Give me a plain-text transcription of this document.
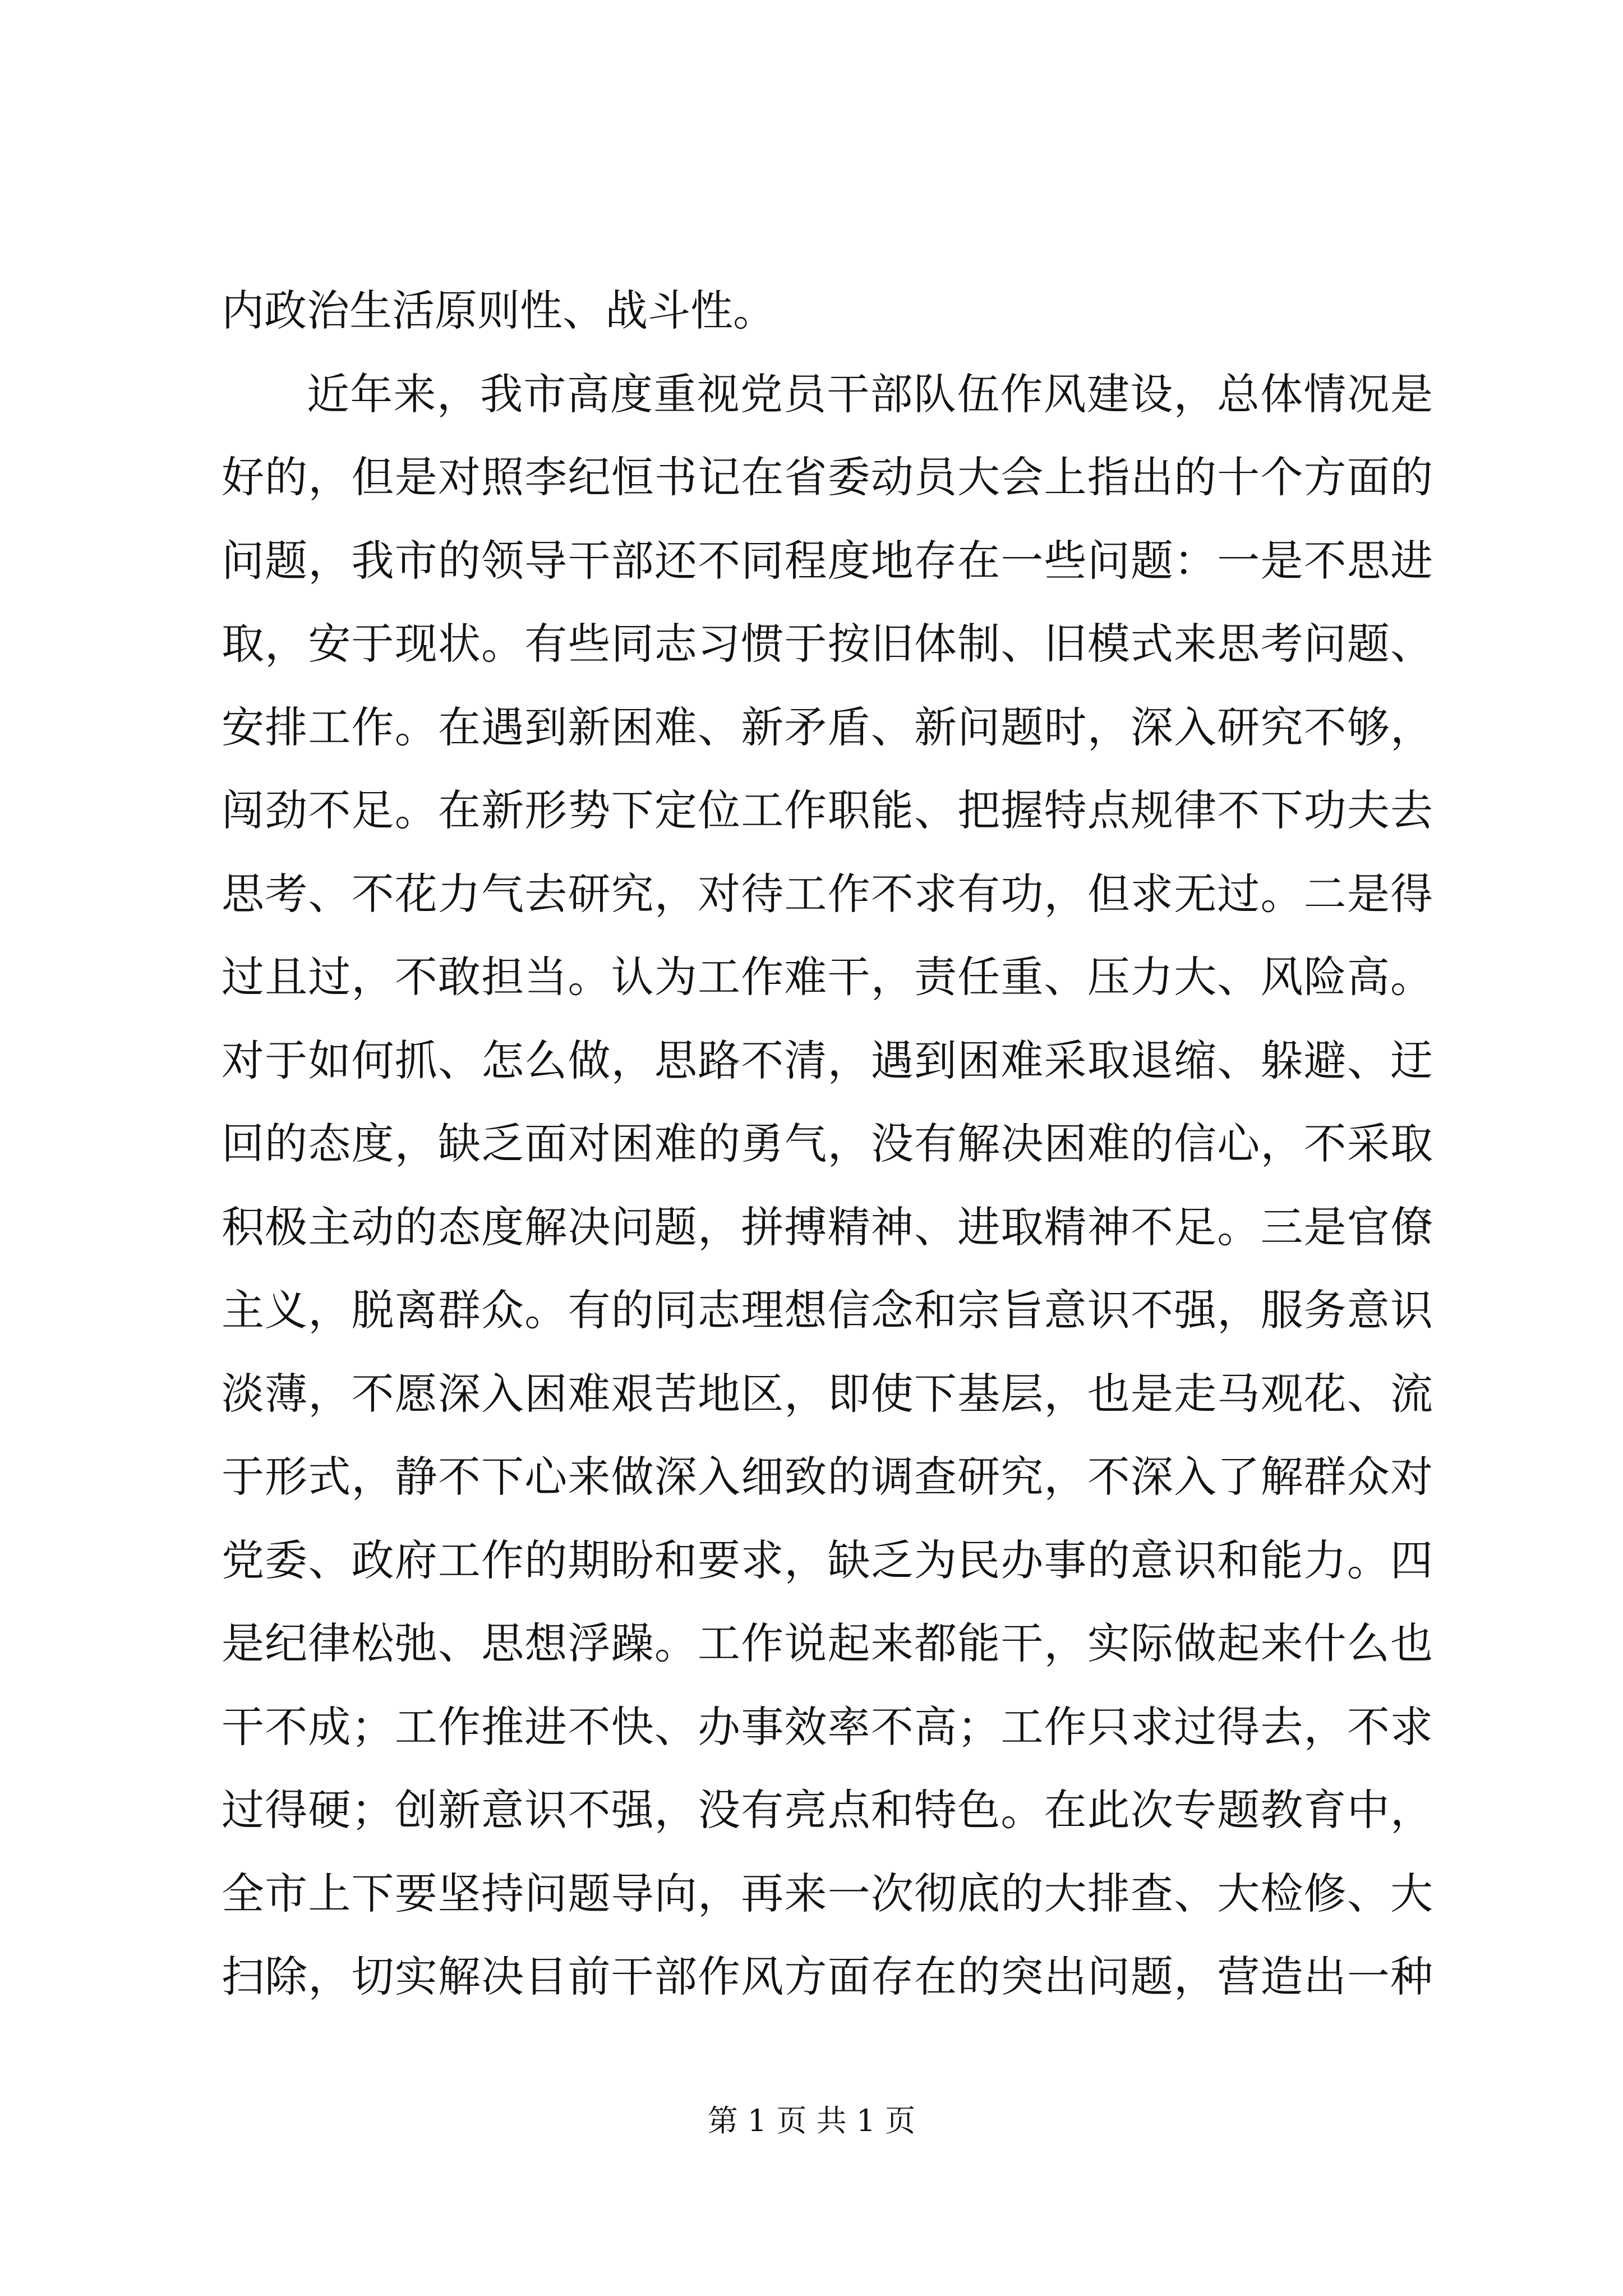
内政治生活原则性、战斗性。
近年来，我市高度重视党员干部队伍作风建设，总体情况是
好的，但是对照李纪恒书记在省委动员大会上指出的十个方面的
问题，我市的领导干部还不同程度地存在一些问题：一是不思进
取，安于现状。有些同志习惯于按旧体制、旧模式来思考问题、
安排工作。在遇到新困难、新矛盾、新问题时，深入研究不够，
闯劲不足。在新形势下定位工作职能、把握特点规律不下功夫去
思考、不花力气去研究，对待工作不求有功，但求无过。二是得
过且过，不敢担当。认为工作难干，责任重、压力大、风险高。
对于如何抓、怎么做，思路不清，遇到困难采取退缩、躲避、迂
回的态度，缺乏面对困难的勇气，没有解决困难的信心，不采取
积极主动的态度解决问题，拼搏精神、进取精神不足。三是官僚
主义，脱离群众。有的同志理想信念和宗旨意识不强，服务意识
淡薄，不愿深入困难艰苦地区，即使下基层，也是走马观花、流
于形式，静不下心来做深入细致的调查研究，不深入了解群众对
党委、政府工作的期盼和要求，缺乏为民办事的意识和能力。四
是纪律松弛、思想浮躁。工作说起来都能干，实际做起来什么也
干不成；工作推进不快、办事效率不高；工作只求过得去，不求
过得硬；创新意识不强，没有亮点和特色。在此次专题教育中，
全市上下要坚持问题导向，再来一次彻底的大排查、大检修、大
扫除，切实解决目前干部作风方面存在的突出问题，营造出一种
第 1 页 共 1 页
